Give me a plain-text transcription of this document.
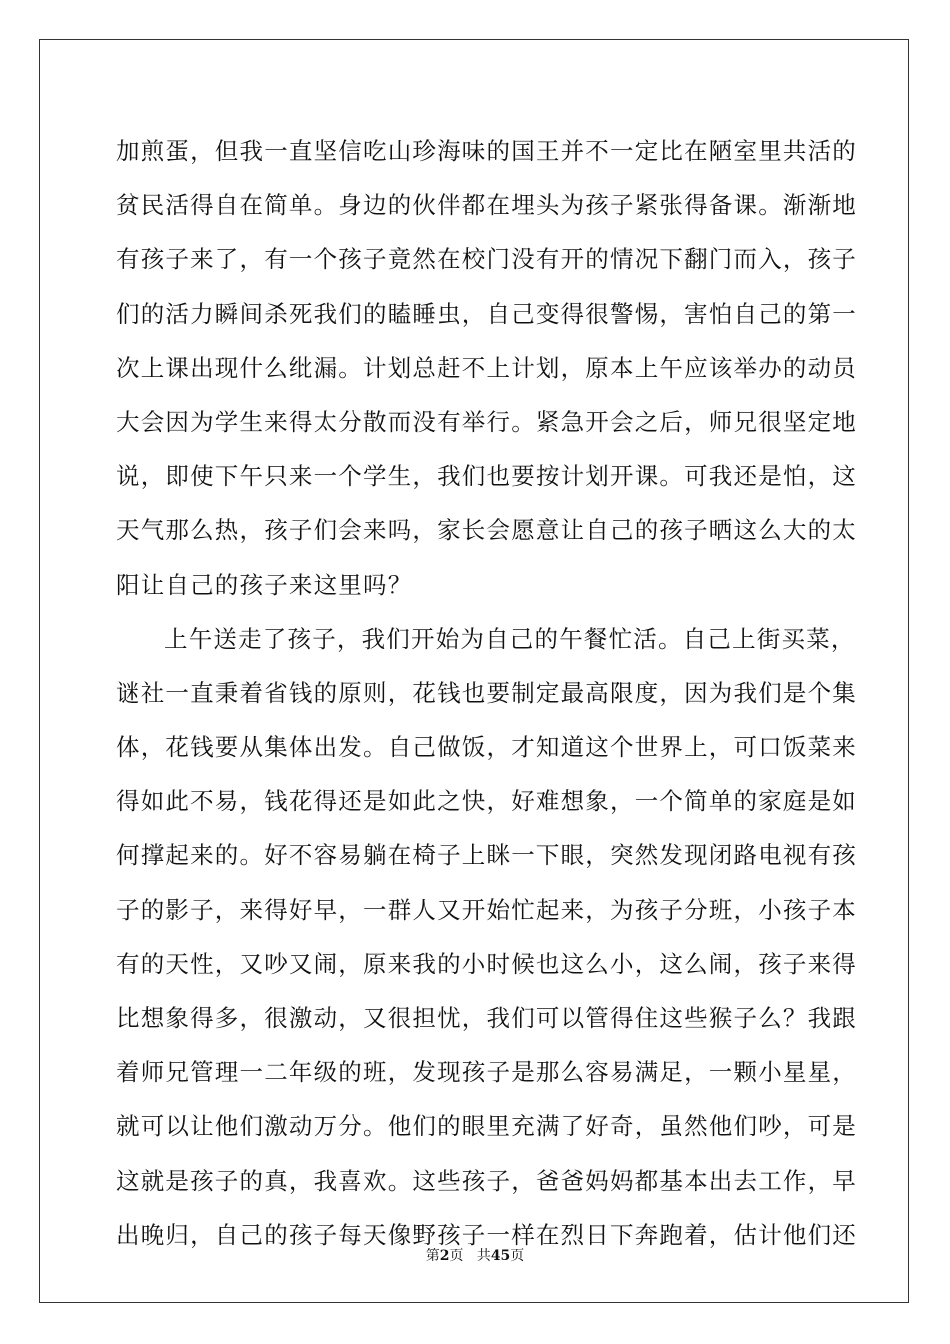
加煎蛋，但我一直坚信吃山珍海味的国王并不一定比在陋室里共活的
贫民活得自在简单。身边的伙伴都在埋头为孩子紧张得备课。渐渐地
有孩子来了，有一个孩子竟然在校门没有开的情况下翻门而入，孩子
们的活力瞬间杀死我们的瞌睡虫，自己变得很警惕，害怕自己的第一
次上课出现什么纰漏。计划总赶不上计划，原本上午应该举办的动员
大会因为学生来得太分散而没有举行。紧急开会之后，师兄很坚定地
说，即使下午只来一个学生，我们也要按计划开课。可我还是怕，这
天气那么热，孩子们会来吗，家长会愿意让自己的孩子晒这么大的太
阳让自己的孩子来这里吗？
上午送走了孩子，我们开始为自己的午餐忙活。自己上街买菜，
谜社一直秉着省钱的原则，花钱也要制定最高限度，因为我们是个集
体，花钱要从集体出发。自己做饭，才知道这个世界上，可口饭菜来
得如此不易，钱花得还是如此之快，好难想象，一个简单的家庭是如
何撑起来的。好不容易躺在椅子上眯一下眼，突然发现闭路电视有孩
子的影子，来得好早，一群人又开始忙起来，为孩子分班，小孩子本
有的天性，又吵又闹，原来我的小时候也这么小，这么闹，孩子来得
比想象得多，很激动，又很担忧，我们可以管得住这些猴子么？我跟
着师兄管理一二年级的班，发现孩子是那么容易满足，一颗小星星，
就可以让他们激动万分。他们的眼里充满了好奇，虽然他们吵，可是
这就是孩子的真，我喜欢。这些孩子，爸爸妈妈都基本出去工作，早
出晚归，自己的孩子每天像野孩子一样在烈日下奔跑着，估计他们还
第2页 共45页
